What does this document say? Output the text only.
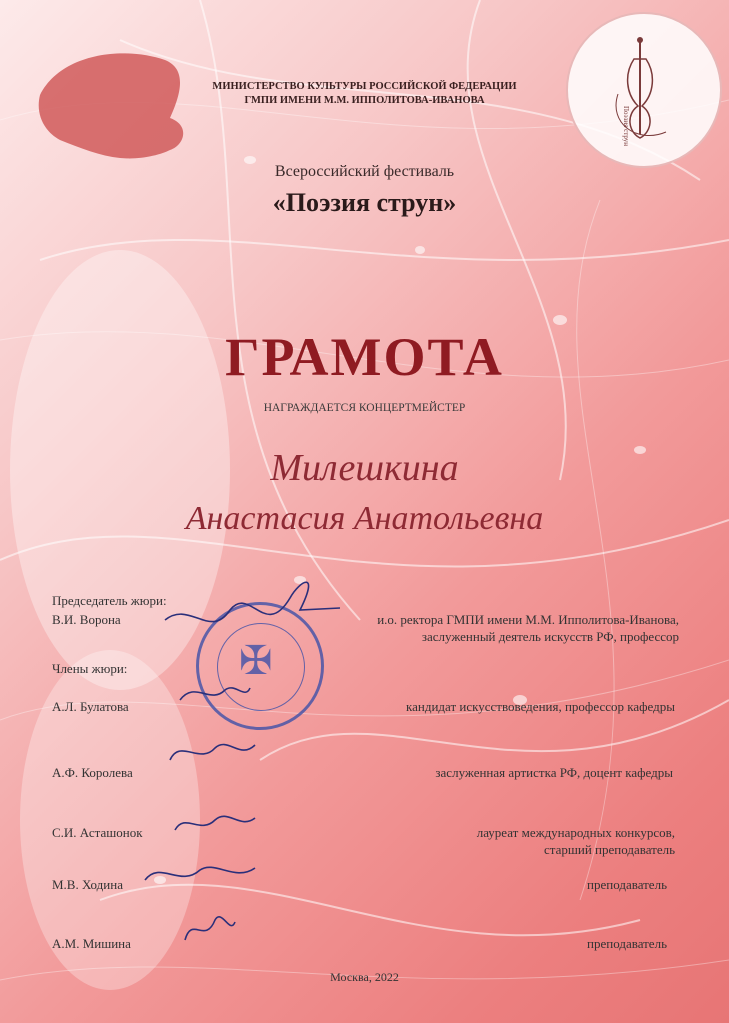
Поэзия струн
МИНИСТЕРСТВО КУЛЬТУРЫ РОССИЙСКОЙ ФЕДЕРАЦИИ
ГМПИ ИМЕНИ М.М. ИППОЛИТОВА-ИВАНОВА
Всероссийский фестиваль
«Поэзия струн»
ГРАМОТА
НАГРАЖДАЕТСЯ КОНЦЕРТМЕЙСТЕР
Милешкина
Анастасия Анатольевна
✠
Председатель жюри:
В.И. Ворона	и.о. ректора ГМПИ имени М.М. Ипполитова-Иванова,
заслуженный деятель искусств РФ, профессор
Члены жюри:
А.Л. Булатова	кандидат искусствоведения, профессор кафедры
А.Ф. Королева	заслуженная артистка РФ, доцент кафедры
С.И. Асташонок	лауреат международных конкурсов,
старший преподаватель
М.В. Ходина	преподаватель
А.М. Мишина	преподаватель
Москва, 2022
